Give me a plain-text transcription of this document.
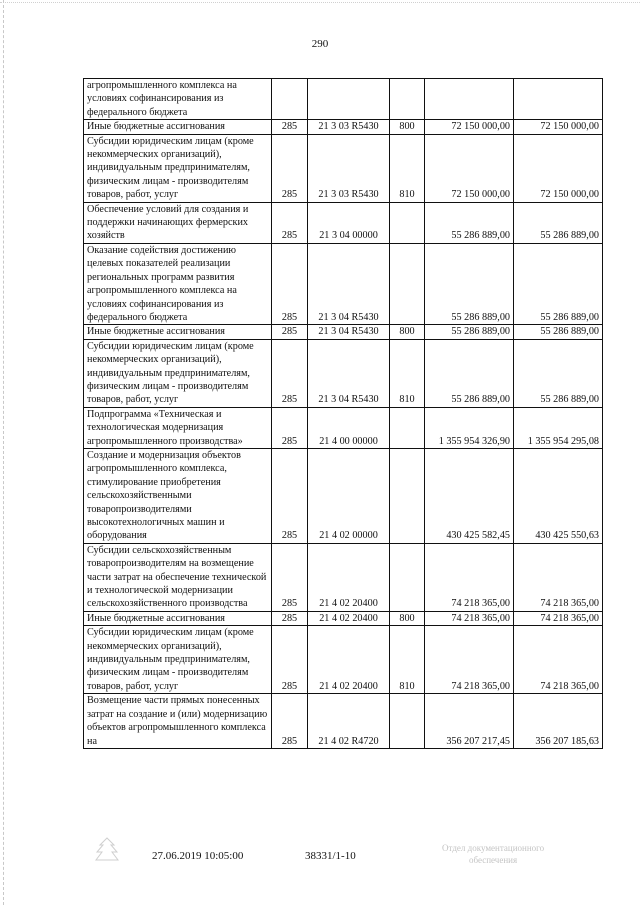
290
агропромышленного комплекса на условиях софинансирования из федерального бюджета					
Иные бюджетные ассигнования	285	21 3 03 R5430	800	72 150 000,00	72 150 000,00
Субсидии юридическим лицам (кроме некоммерческих организаций), индивидуальным предпринимателям, физическим лицам - производителям товаров, работ, услуг	285	21 3 03 R5430	810	72 150 000,00	72 150 000,00
Обеспечение условий для создания и поддержки начинающих фермерских хозяйств	285	21 3 04 00000		55 286 889,00	55 286 889,00
Оказание содействия достижению целевых показателей реализации региональных программ развития агропромышленного комплекса на условиях софинансирования из федерального бюджета	285	21 3 04 R5430		55 286 889,00	55 286 889,00
Иные бюджетные ассигнования	285	21 3 04 R5430	800	55 286 889,00	55 286 889,00
Субсидии юридическим лицам (кроме некоммерческих организаций), индивидуальным предпринимателям, физическим лицам - производителям товаров, работ, услуг	285	21 3 04 R5430	810	55 286 889,00	55 286 889,00
Подпрограмма «Техническая и технологическая модернизация агропромышленного производства»	285	21 4 00 00000		1 355 954 326,90	1 355 954 295,08
Создание и модернизация объектов агропромышленного комплекса, стимулирование приобретения сельскохозяйственными товаропроизводителями высокотехнологичных машин и оборудования	285	21 4 02 00000		430 425 582,45	430 425 550,63
Субсидии сельскохозяйственным товаропроизводителям на возмещение части затрат на обеспечение технической и технологической модернизации сельскохозяйственного производства	285	21 4 02 20400		74 218 365,00	74 218 365,00
Иные бюджетные ассигнования	285	21 4 02 20400	800	74 218 365,00	74 218 365,00
Субсидии юридическим лицам (кроме некоммерческих организаций), индивидуальным предпринимателям, физическим лицам - производителям товаров, работ, услуг	285	21 4 02 20400	810	74 218 365,00	74 218 365,00
Возмещение части прямых понесенных затрат на создание и (или) модернизацию объектов агропромышленного комплекса на	285	21 4 02 R4720		356 207 217,45	356 207 185,63
27.06.2019 10:05:00	38331/1-10
Отдел документационного
обеспечения
